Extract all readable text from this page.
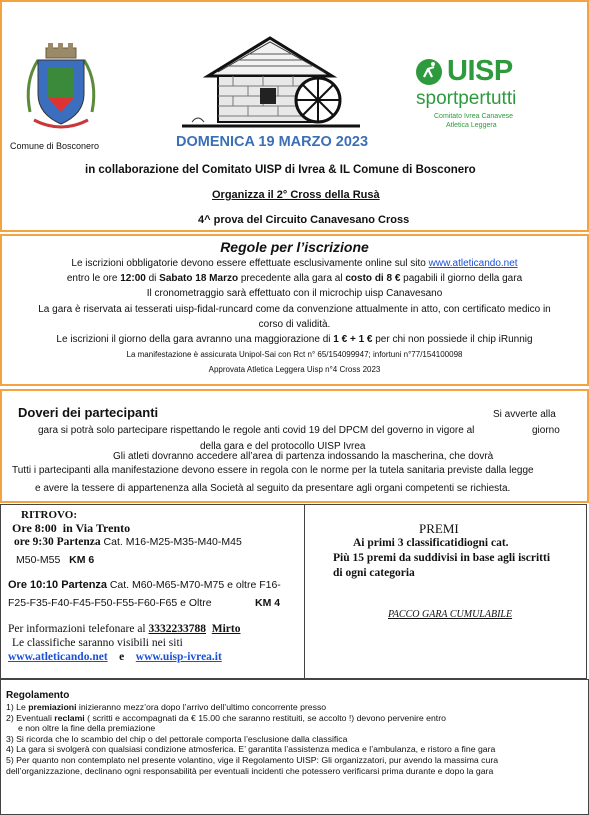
Comune di Bosconero
UISP
sportpertutti
Comitato Ivrea Canavese
Atletica Leggera
DOMENICA 19 MARZO 2023
in collaborazione del Comitato UISP di Ivrea & IL Comune di Bosconero
Organizza il 2° Cross della Rusà
4^ prova del Circuito Canavesano Cross
Regole per l’iscrizione
Le iscrizioni obbligatorie devono essere effettuate esclusivamente online sul sito www.atleticando.net
entro le ore 12:00 di Sabato 18 Marzo precedente alla gara al costo di 8 € pagabili il giorno della gara
Il cronometraggio sarà effettuato con il microchip uisp Canavesano
La gara è riservata ai tesserati uisp-fidal-runcard come da convenzione attualmente in atto, con certificato medico in
corso di validità.
Le iscrizioni il giorno della gara avranno una maggiorazione di 1 € + 1 € per chi non possiede il chip iRunnig
La manifestazione è assicurata Unipol-Sai con Rct n° 65/154099947; infortuni n°77/154100098
Approvata Atletica Leggera Uisp n°4 Cross 2023
Doveri dei partecipanti	Si avverte alla
gara si potrà solo partecipare rispettando le regole anti covid 19 del DPCM del governo in vigore al	giorno
della gara e del protocollo UISP Ivrea
Gli atleti dovranno accedere all’area di partenza indossando la mascherina, che dovrà
Tutti i partecipanti alla manifestazione devono essere in regola con le norme per la tutela sanitaria previste dalla legge
e avere la tessere di appartenenza alla Società al seguito da presentare agli organi competenti se richiesta.
RITROVO:
Ore 8:00 in Via Trento
ore 9:30 Partenza Cat. M16-M25-M35-M40-M45
M50-M55 KM 6
Ore 10:10 Partenza Cat. M60-M65-M70-M75 e oltre F16-
F25-F35-F40-F45-F50-F55-F60-F65 e Oltre	KM 4
Per informazioni telefonare al 3332233788 Mirto
Le classifiche saranno visibili nei siti
www.atleticando.net e www.uisp-ivrea.it
PREMI
Ai primi 3 classificatidiogni cat.
Più 15 premi da suddivisi in base agli iscritti
di ogni categoria
PACCO GARA CUMULABILE
Regolamento
1) Le premiazioni inizieranno mezz’ora dopo l’arrivo dell’ultimo concorrente presso
2) Eventuali reclami ( scritti e accompagnati da € 15.00 che saranno restituiti, se accolto !) devono pervenire entro
e non oltre la fine della premiazione
3) Si ricorda che lo scambio del chip o del pettorale comporta l’esclusione dalla classifica
4) La gara si svolgerà con qualsiasi condizione atmosferica. E’ garantita l’assistenza medica e l’ambulanza, e ristoro a fine gara
5) Per quanto non contemplato nel presente volantino, vige il Regolamento UISP: Gli organizzatori, pur avendo la massima cura
dell’organizzazione, declinano ogni responsabilità per eventuali incidenti che potessero verificarsi prima durante e dopo la gara
